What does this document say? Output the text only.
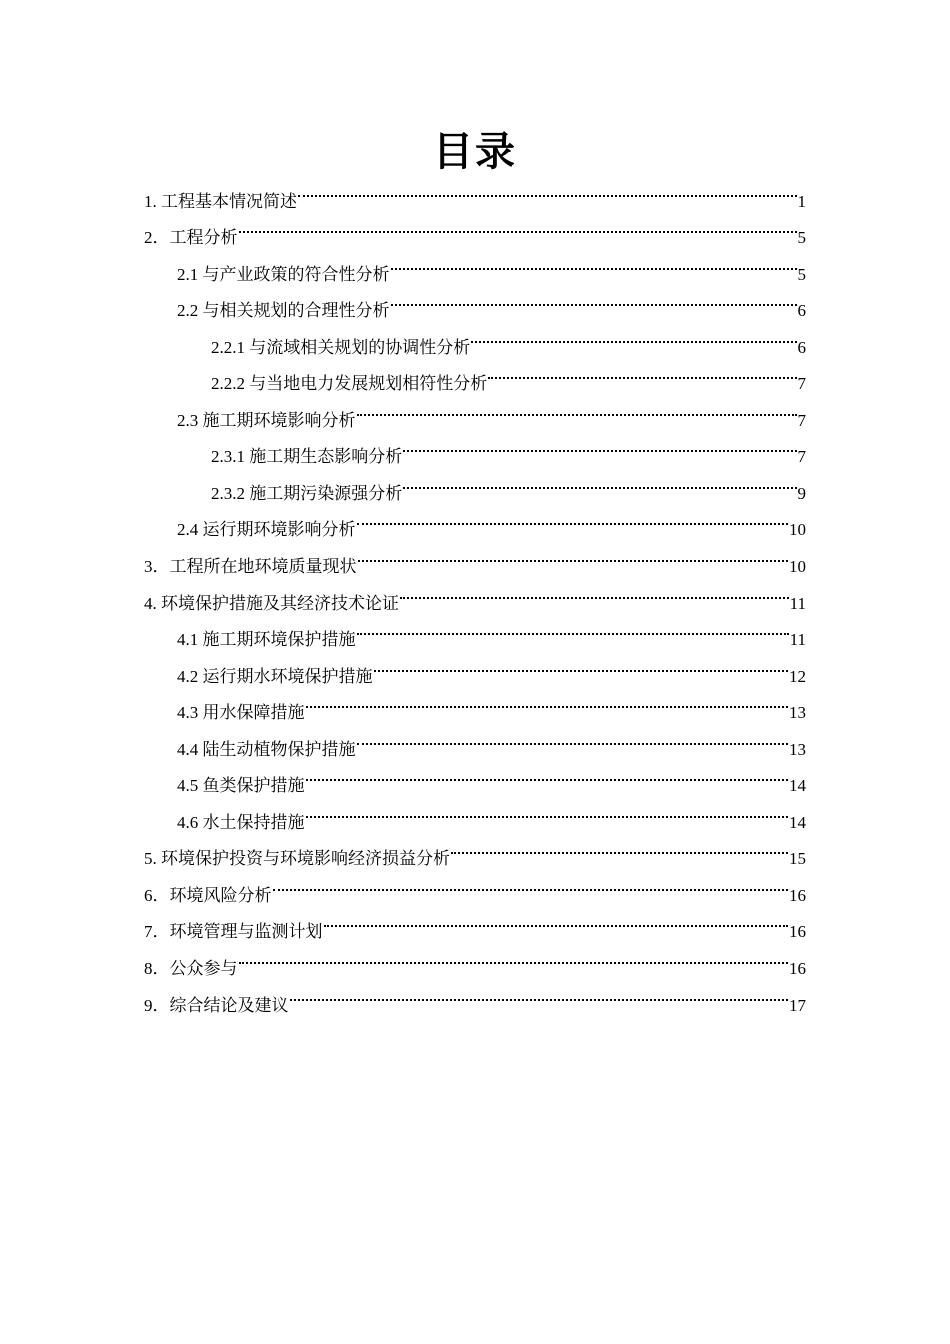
目录
1. 工程基本情况简述	1
2．工程分析	5
2.1 与产业政策的符合性分析	5
2.2 与相关规划的合理性分析	6
2.2.1 与流域相关规划的协调性分析	6
2.2.2 与当地电力发展规划相符性分析	7
2.3 施工期环境影响分析	7
2.3.1 施工期生态影响分析	7
2.3.2 施工期污染源强分析	9
2.4 运行期环境影响分析	10
3．工程所在地环境质量现状	10
4. 环境保护措施及其经济技术论证	11
4.1 施工期环境保护措施	11
4.2 运行期水环境保护措施	12
4.3 用水保障措施	13
4.4 陆生动植物保护措施	13
4.5 鱼类保护措施	14
4.6 水土保持措施	14
5. 环境保护投资与环境影响经济损益分析	15
6．环境风险分析	16
7．环境管理与监测计划	16
8．公众参与	16
9．综合结论及建议	17
